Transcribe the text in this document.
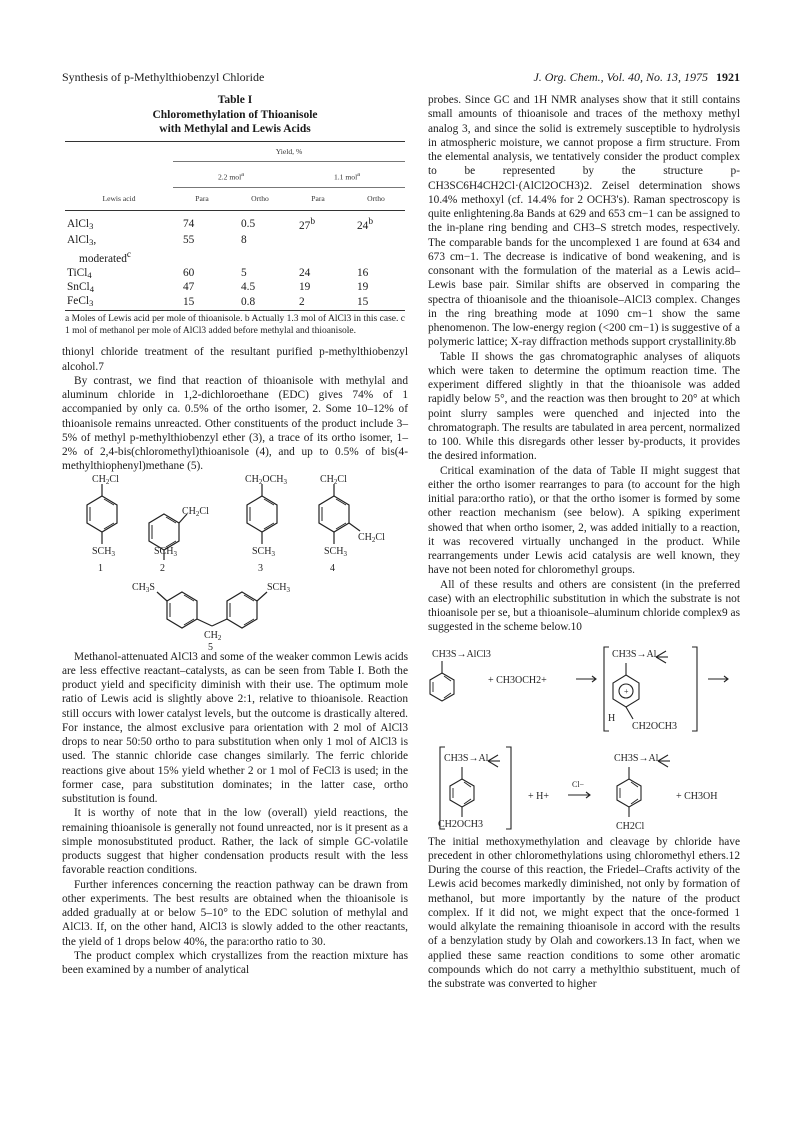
Synthesis of p-Methylthiobenzyl Chloride	J. Org. Chem., Vol. 40, No. 13, 1975 1921
Table I
Chloromethylation of Thioanisole
with Methylal and Lewis Acids
	Yield, %			
	2.2 mol$^a$		1.1 mol$^a$
Lewis acid	Para	Ortho	Para	Ortho
AlCl$_3$	74	0.5	27$^b$	24$^b$
AlCl$_3$,	55	8		
moderated$^c$				
TiCl$_4$	60	5	24	16
SnCl$_4$	47	4.5	19	19
FeCl$_3$	15	0.8	2	15
a Moles of Lewis acid per mole of thioanisole. b Actually 1.3 mol of AlCl3 in this case. c 1 mol of methanol per mole of AlCl3 added before methylal and thioanisole.

thionyl chloride treatment of the resultant purified p-methylthiobenzyl alcohol.7

By contrast, we find that reaction of thioanisole with methylal and aluminum chloride in 1,2-dichloroethane (EDC) gives 74% of 1 accompanied by only ca. 0.5% of the ortho isomer, 2. Some 10–12% of thioanisole remains unreacted. Other constituents of the product include 3–5% of methyl p-methylthiobenzyl ether (3), a trace of its ortho isomer, 1–2% of 2,4-bis(chloromethyl)thioanisole (4), and up to 0.5% of bis(4-methylthiophenyl)methane (5).

$CH_2Cl$
$SCH_3$
1
$CH_2Cl$
$SCH_3$
2
$CH_2OCH_3$
$SCH_3$
3
$CH_2Cl$
$CH_2Cl$
$SCH_3$
4
$CH_3S$	$SCH_3$
$CH_2$
5

Methanol-attenuated AlCl3 and some of the weaker common Lewis acids are less effective reactant–catalysts, as can be seen from Table I. Both the product yield and specificity diminish with their use. The optimum mole ratio of Lewis acid is slightly above 2:1, relative to thioanisole. Reaction still occurs with lower catalyst levels, but the outcome is drastically altered. For instance, the almost exclusive para orientation with 2 mol of AlCl3 drops to near 50:50 ortho to para substitution when only 1 mol of AlCl3 is used. The stannic chloride case changes similarly. The ferric chloride reactions give about 15% yield whether 2 or 1 mol of FeCl3 is used; in the former case, para substitution dominates; in the latter case, ortho substitution is found.

It is worthy of note that in the low (overall) yield reactions, the remaining thioanisole is generally not found unreacted, nor is it present as a simple monosubstituted product. Rather, the lack of simple GC-volatile products suggest that higher condensation products result with the less favorable reaction conditions.

Further inferences concerning the reaction pathway can be drawn from other experiments. The best results are obtained when the thioanisole is added gradually at or below 5–10° to the EDC solution of methylal and AlCl3. If, on the other hand, AlCl3 is slowly added to the other reactants, the yield of 1 drops below 40%, the para:ortho ratio to 30.

The product complex which crystallizes from the reaction mixture has been examined by a number of analytical

probes. Since GC and 1H NMR analyses show that it still contains small amounts of thioanisole and traces of the methoxy methyl analog 3, and since the solid is extremely susceptible to hydrolysis in atmospheric moisture, we cannot propose a firm structure. From the elemental analysis, we tentatively consider the product complex to be represented by the structure p-CH3SC6H4CH2Cl·(AlCl2OCH3)2. Zeisel determination shows 10.4% methoxyl (cf. 14.4% for 2 OCH3's). Raman spectroscopy is quite enlightening.8a Bands at 629 and 653 cm−1 can be assigned to the in-plane ring bending and CH3–S stretch modes, respectively. The comparable bands for the uncomplexed 1 are found at 634 and 673 cm−1. The decrease is indicative of bond weakening, and is consonant with the formulation of the material as a Lewis acid–Lewis base pair. Similar shifts are observed in comparing the spectra of thioanisole and the thioanisole–AlCl3 complex. Changes in the ring breathing mode at 1090 cm−1 show the same phenomenon. The low-energy region (<200 cm−1) is suggestive of a polymeric lattice; X-ray diffraction methods support crystallinity.8b

Table II shows the gas chromatographic analyses of aliquots which were taken to determine the optimum reaction time. The experiment differed slightly in that the thioanisole was added rapidly below 5°, and the reaction was then brought to 20° at which point slurry samples were quenched and injected into the chromatograph. The results are tabulated in area percent, normalized to 100. While this disregards other lesser by-products, it provides the desired information.

Critical examination of the data of Table II might suggest that either the ortho isomer rearranges to para (to account for the high initial para:ortho ratio), or that the ortho isomer is formed by some other reaction mechanism (see below). A spiking experiment showed that when ortho isomer, 2, was added initially to a reaction, it was recovered virtually unchanged in the product. While rearrangements under Lewis acid catalysis are well known, they have not been noted for chloromethyl groups.

All of these results and others are consistent (in the preferred case) with an electrophilic substitution in which the substrate is not thioanisole per se, but a thioanisole–aluminum chloride complex9 as suggested in the scheme below.10

CH3S→AlCl3
+ CH3OCH2+
CH3S→Al
+
H
CH2OCH3
CH3S→Al
CH2OCH3
+ H+
Cl−
CH3S→Al
CH2Cl
+ CH3OH

The initial methoxymethylation and cleavage by chloride have precedent in other chloromethylations using chloromethyl ethers.12 During the course of this reaction, the Friedel–Crafts activity of the Lewis acid becomes markedly diminished, not only by formation of methanol, but more importantly by the nature of the product complex. If it did not, we might expect that the once-formed 1 would alkylate the remaining thioanisole in accord with the results of a benzylation study by Olah and coworkers.13 In fact, when we applied these same reaction conditions to some other aromatic compounds which do not carry a methylthio substituent, much of the substrate was converted to higher
